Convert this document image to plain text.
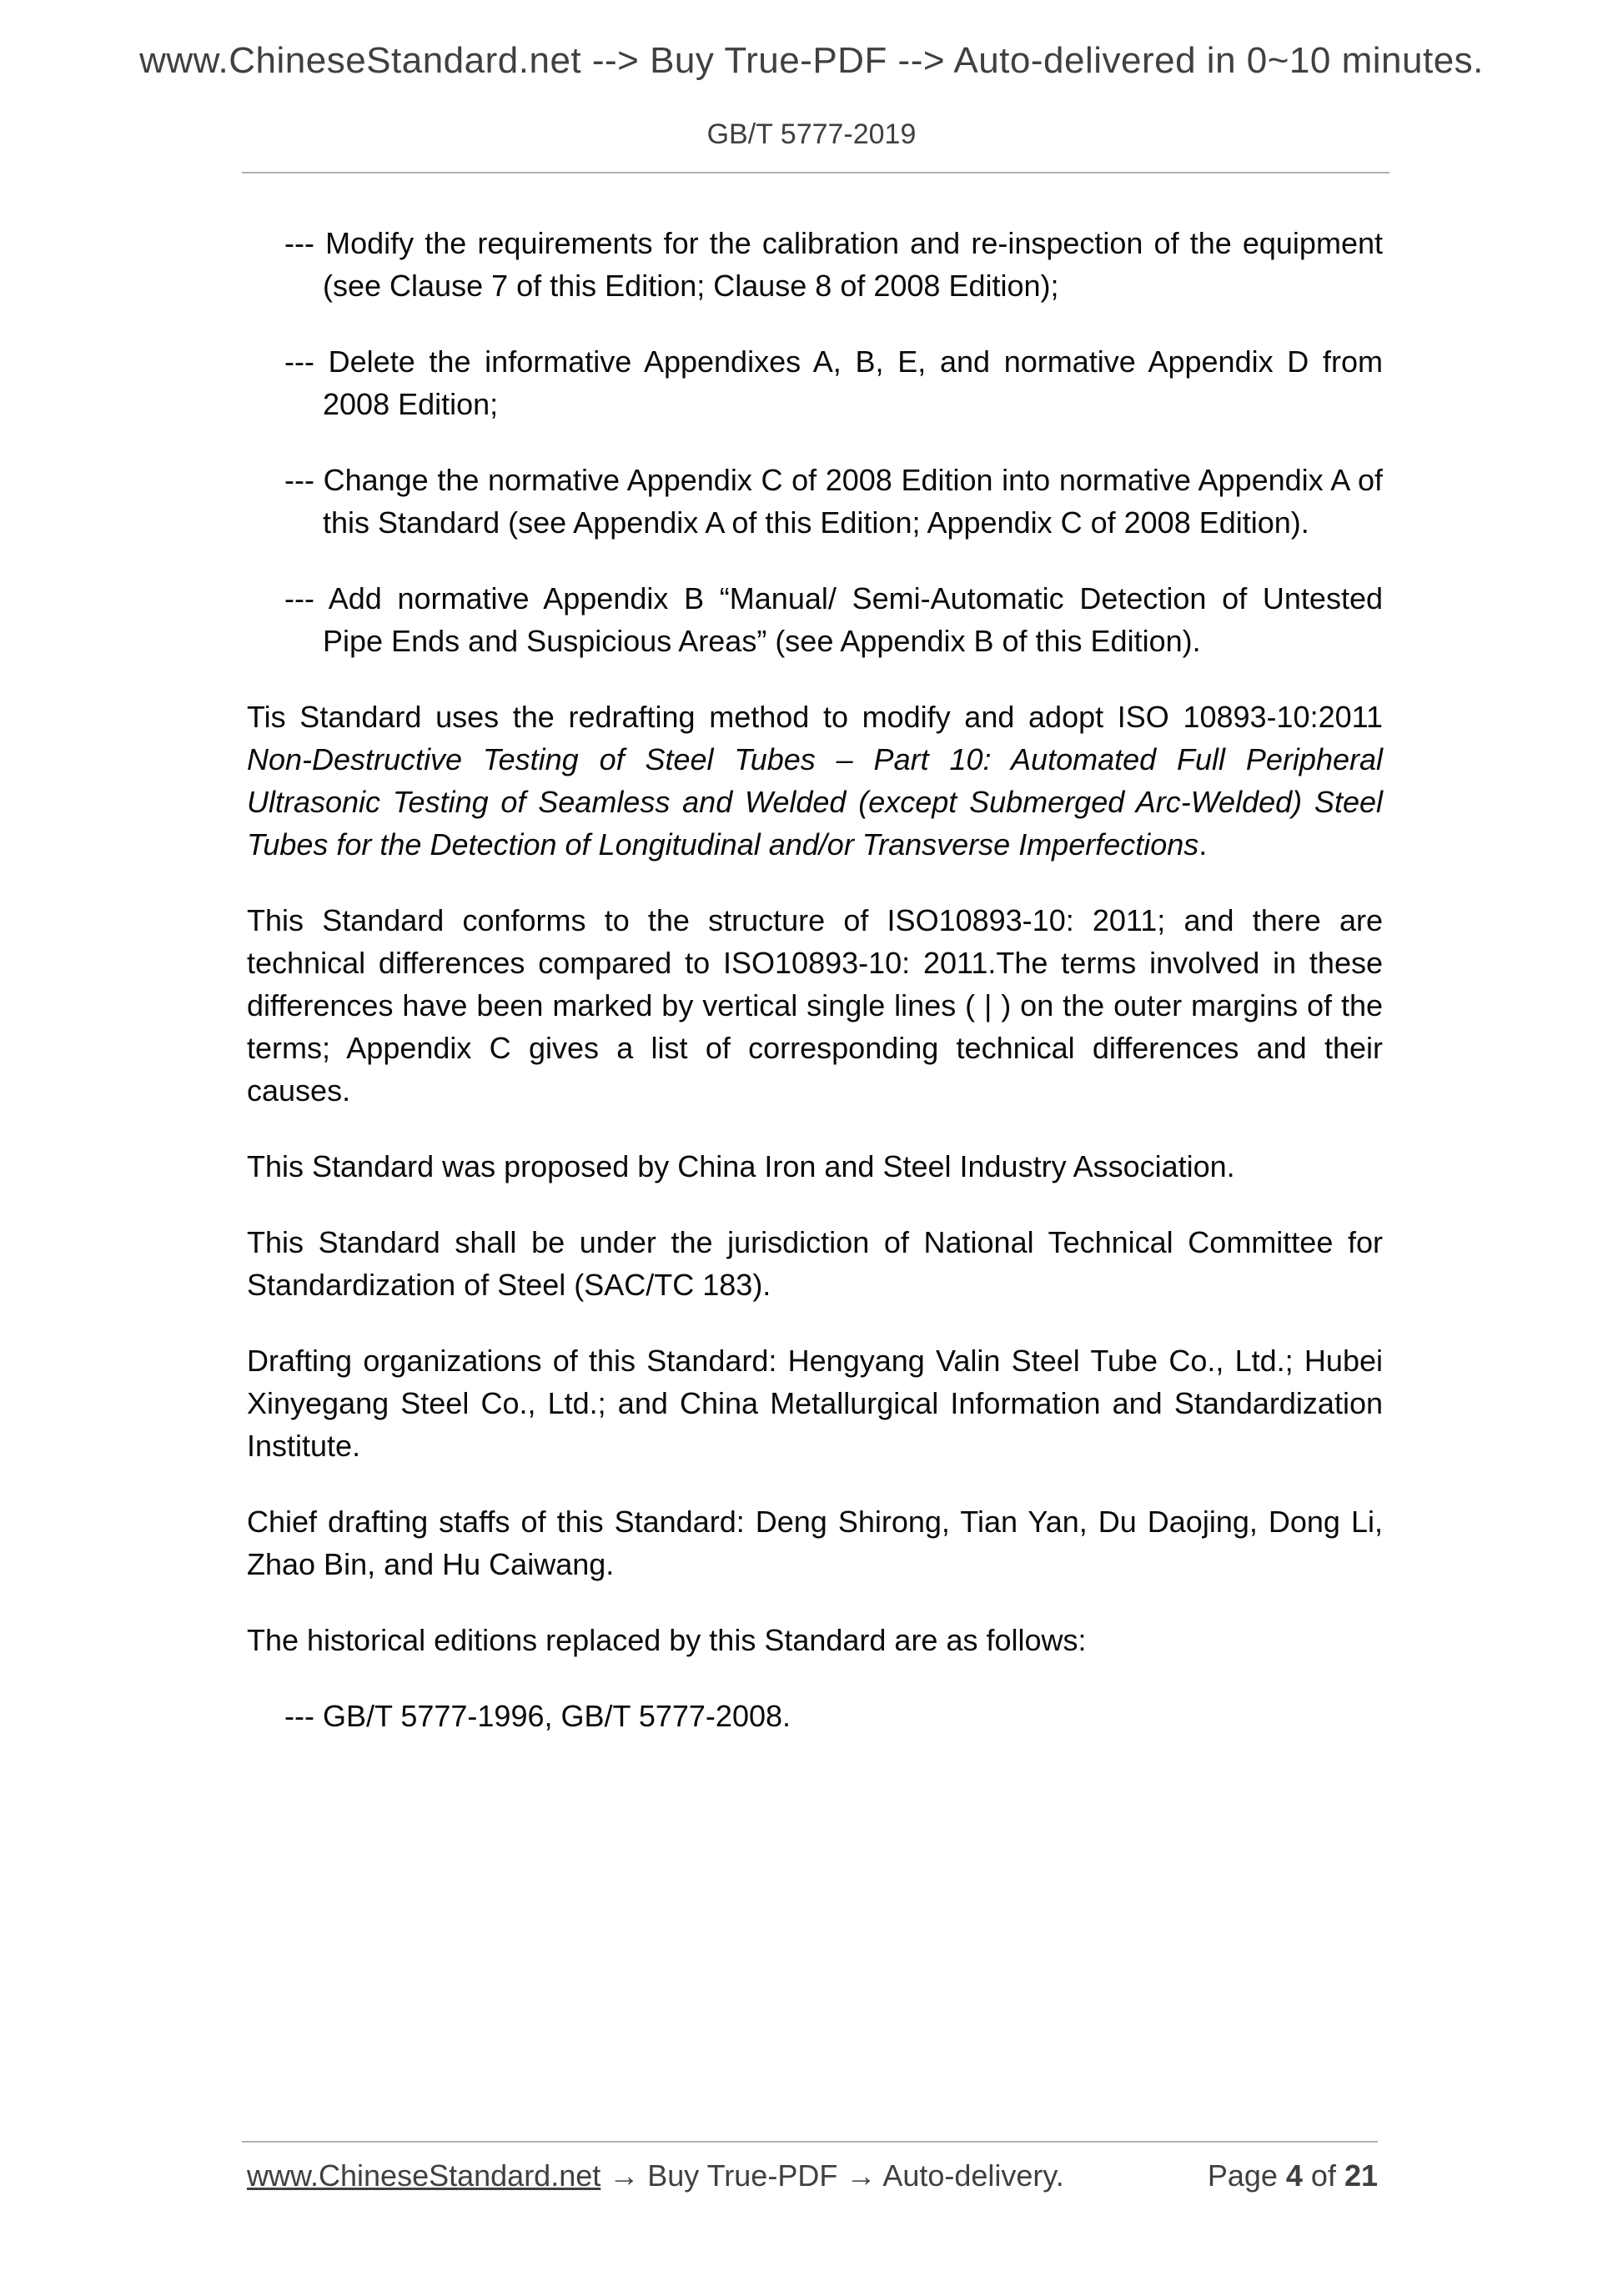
www.ChineseStandard.net --> Buy True-PDF --> Auto-delivered in 0~10 minutes.
GB/T 5777-2019
--- Modify the requirements for the calibration and re-inspection of the equipment (see Clause 7 of this Edition; Clause 8 of 2008 Edition);
--- Delete the informative Appendixes A, B, E, and normative Appendix D from 2008 Edition;
--- Change the normative Appendix C of 2008 Edition into normative Appendix A of this Standard (see Appendix A of this Edition; Appendix C of 2008 Edition).
--- Add normative Appendix B “Manual/ Semi-Automatic Detection of Untested Pipe Ends and Suspicious Areas” (see Appendix B of this Edition).
Tis Standard uses the redrafting method to modify and adopt ISO 10893-10:2011 Non-Destructive Testing of Steel Tubes – Part 10: Automated Full Peripheral Ultrasonic Testing of Seamless and Welded (except Submerged Arc-Welded) Steel Tubes for the Detection of Longitudinal and/or Transverse Imperfections.
This Standard conforms to the structure of ISO10893-10: 2011; and there are technical differences compared to ISO10893-10: 2011.The terms involved in these differences have been marked by vertical single lines ( | ) on the outer margins of the terms; Appendix C gives a list of corresponding technical differences and their causes.
This Standard was proposed by China Iron and Steel Industry Association.
This Standard shall be under the jurisdiction of National Technical Committee for Standardization of Steel (SAC/TC 183).
Drafting organizations of this Standard: Hengyang Valin Steel Tube Co., Ltd.; Hubei Xinyegang Steel Co., Ltd.; and China Metallurgical Information and Standardization Institute.
Chief drafting staffs of this Standard: Deng Shirong, Tian Yan, Du Daojing, Dong Li, Zhao Bin, and Hu Caiwang.
The historical editions replaced by this Standard are as follows:
--- GB/T 5777-1996, GB/T 5777-2008.
www.ChineseStandard.net → Buy True-PDF → Auto-delivery.	Page 4 of 21
